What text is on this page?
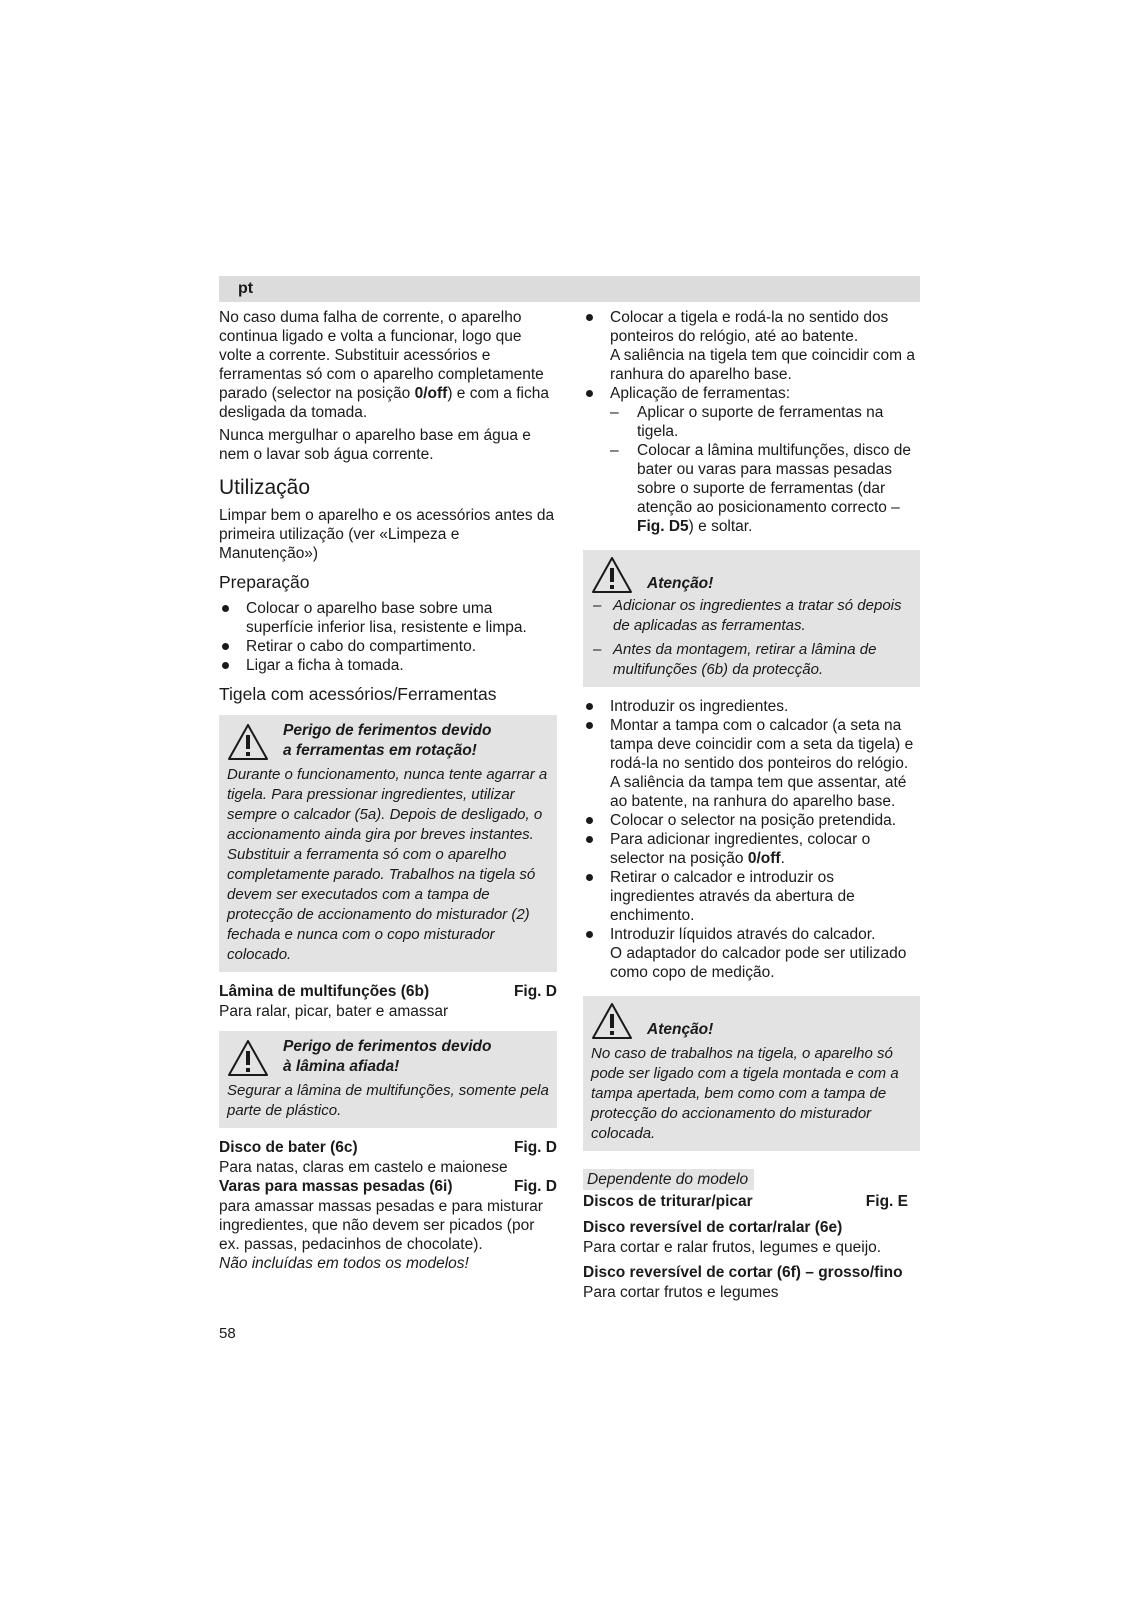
pt

No caso duma falha de corrente, o aparelho continua ligado e volta a funcionar, logo que volte a corrente. Substituir acessórios e ferramentas só com o aparelho completamente parado (selector na posição 0/off) e com a ficha desligada da tomada.

Nunca mergulhar o aparelho base em água e nem o lavar sob água corrente.

Utilização

Limpar bem o aparelho e os acessórios antes da primeira utilização (ver «Limpeza e Manutenção»)

Preparação
Colocar o aparelho base sobre uma superfície inferior lisa, resistente e limpa.
Retirar o cabo do compartimento.
Ligar a ficha à tomada.
Tigela com acessórios/Ferramentas
Perigo de ferimentos devido
a ferramentas em rotação!
Durante o funcionamento, nunca tente agarrar a tigela. Para pressionar ingredientes, utilizar sempre o calcador (5a). Depois de desligado, o accionamento ainda gira por breves instantes. Substituir a ferramenta só com o aparelho completamente parado. Trabalhos na tigela só devem ser executados com a tampa de protecção de accionamento do misturador (2) fechada e nunca com o copo misturador colocado.
Lâmina de multifunções (6b)	Fig. D

Para ralar, picar, bater e amassar

Perigo de ferimentos devido
à lâmina afiada!
Segurar a lâmina de multifunções, somente pela parte de plástico.
Disco de bater (6c)	Fig. D

Para natas, claras em castelo e maionese

Varas para massas pesadas (6i)	Fig. D

para amassar massas pesadas e para misturar ingredientes, que não devem ser picados (por ex. passas, pedacinhos de chocolate).

Não incluídas em todos os modelos!

Colocar a tigela e rodá-la no sentido dos ponteiros do relógio, até ao batente.
A saliência na tigela tem que coincidir com a ranhura do aparelho base.
Aplicação de ferramentas:
– Aplicar o suporte de ferramentas na tigela.
– Colocar a lâmina multifunções, disco de bater ou varas para massas pesadas sobre o suporte de ferramentas (dar atenção ao posicionamento correcto – Fig. D5) e soltar.
Atenção!
– Adicionar os ingredientes a tratar só depois de aplicadas as ferramentas.
– Antes da montagem, retirar a lâmina de multifunções (6b) da protecção.
Introduzir os ingredientes.
Montar a tampa com o calcador (a seta na tampa deve coincidir com a seta da tigela) e rodá-la no sentido dos ponteiros do relógio.
A saliência da tampa tem que assentar, até ao batente, na ranhura do aparelho base.
Colocar o selector na posição pretendida.
Para adicionar ingredientes, colocar o selector na posição 0/off.
Retirar o calcador e introduzir os ingredientes através da abertura de enchimento.
Introduzir líquidos através do calcador.
O adaptador do calcador pode ser utilizado como copo de medição.
Atenção!
No caso de trabalhos na tigela, o aparelho só pode ser ligado com a tigela montada e com a tampa apertada, bem como com a tampa de protecção do accionamento do misturador colocada.
Dependente do modelo
Discos de triturar/picar	Fig. E
Disco reversível de cortar/ralar (6e)

Para cortar e ralar frutos, legumes e queijo.

Disco reversível de cortar (6f) – grosso/fino

Para cortar frutos e legumes

58
